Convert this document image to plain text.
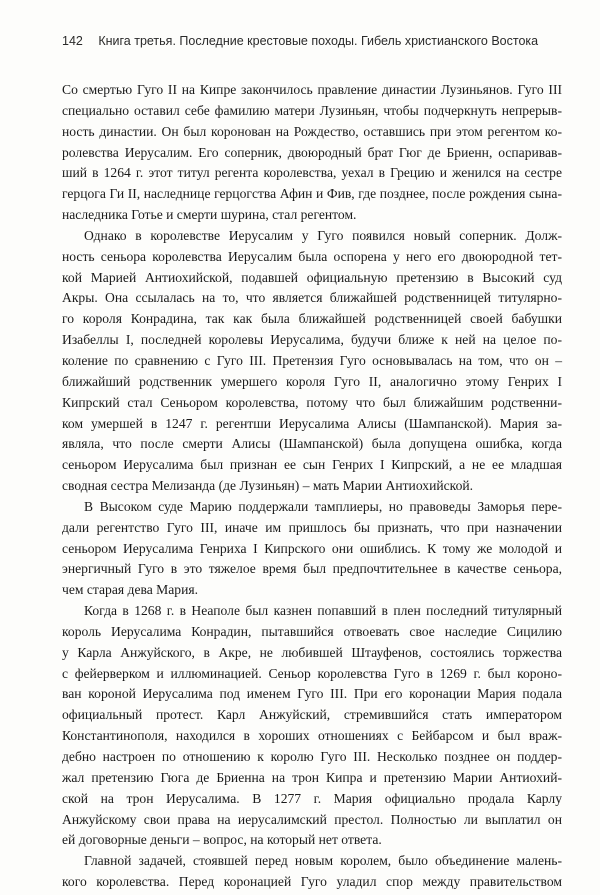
142 Книга третья. Последние крестовые походы. Гибель христианского Востока
Со смертью Гуго II на Кипре закончилось правление династии Лузиньянов. Гуго III
специально оставил себе фамилию матери Лузиньян, чтобы подчеркнуть непрерыв-
ность династии. Он был коронован на Рождество, оставшись при этом регентом ко-
ролевства Иерусалим. Его соперник, двоюродный брат Гюг де Бриенн, оспаривав-
ший в 1264 г. этот титул регента королевства, уехал в Грецию и женился на сестре
герцога Ги II, наследнице герцогства Афин и Фив, где позднее, после рождения сына-
наследника Готье и смерти шурина, стал регентом.
Однако в королевстве Иерусалим у Гуго появился новый соперник. Долж-
ность сеньора королевства Иерусалим была оспорена у него его двоюродной тет-
кой Марией Антиохийской, подавшей официальную претензию в Высокий суд
Акры. Она ссылалась на то, что является ближайшей родственницей титулярно-
го короля Конрадина, так как была ближайшей родственницей своей бабушки
Изабеллы I, последней королевы Иерусалима, будучи ближе к ней на целое по-
коление по сравнению с Гуго III. Претензия Гуго основывалась на том, что он –
ближайший родственник умершего короля Гуго II, аналогично этому Генрих I
Кипрский стал Сеньором королевства, потому что был ближайшим родственни-
ком умершей в 1247 г. регентши Иерусалима Алисы (Шампанской). Мария за-
являла, что после смерти Алисы (Шампанской) была допущена ошибка, когда
сеньором Иерусалима был признан ее сын Генрих I Кипрский, а не ее младшая
сводная сестра Мелизанда (де Лузиньян) – мать Марии Антиохийской.
В Высоком суде Марию поддержали тамплиеры, но правоведы Заморья пере-
дали регентство Гуго III, иначе им пришлось бы признать, что при назначении
сеньором Иерусалима Генриха I Кипрского они ошиблись. К тому же молодой и
энергичный Гуго в это тяжелое время был предпочтительнее в качестве сеньора,
чем старая дева Мария.
Когда в 1268 г. в Неаполе был казнен попавший в плен последний титулярный
король Иерусалима Конрадин, пытавшийся отвоевать свое наследие Сицилию
у Карла Анжуйского, в Акре, не любившей Штауфенов, состоялись торжества
с фейерверком и иллюминацией. Сеньор королевства Гуго в 1269 г. был короно-
ван короной Иерусалима под именем Гуго III. При его коронации Мария подала
официальный протест. Карл Анжуйский, стремившийся стать императором
Константинополя, находился в хороших отношениях с Бейбарсом и был враж-
дебно настроен по отношению к королю Гуго III. Несколько позднее он поддер-
жал претензию Гюга де Бриенна на трон Кипра и претензию Марии Антиохий-
ской на трон Иерусалима. В 1277 г. Мария официально продала Карлу
Анжуйскому свои права на иерусалимский престол. Полностью ли выплатил он
ей договорные деньги – вопрос, на который нет ответа.
Главной задачей, стоявшей перед новым королем, было объединение малень-
кого королевства. Перед коронацией Гуго уладил спор между правительством
